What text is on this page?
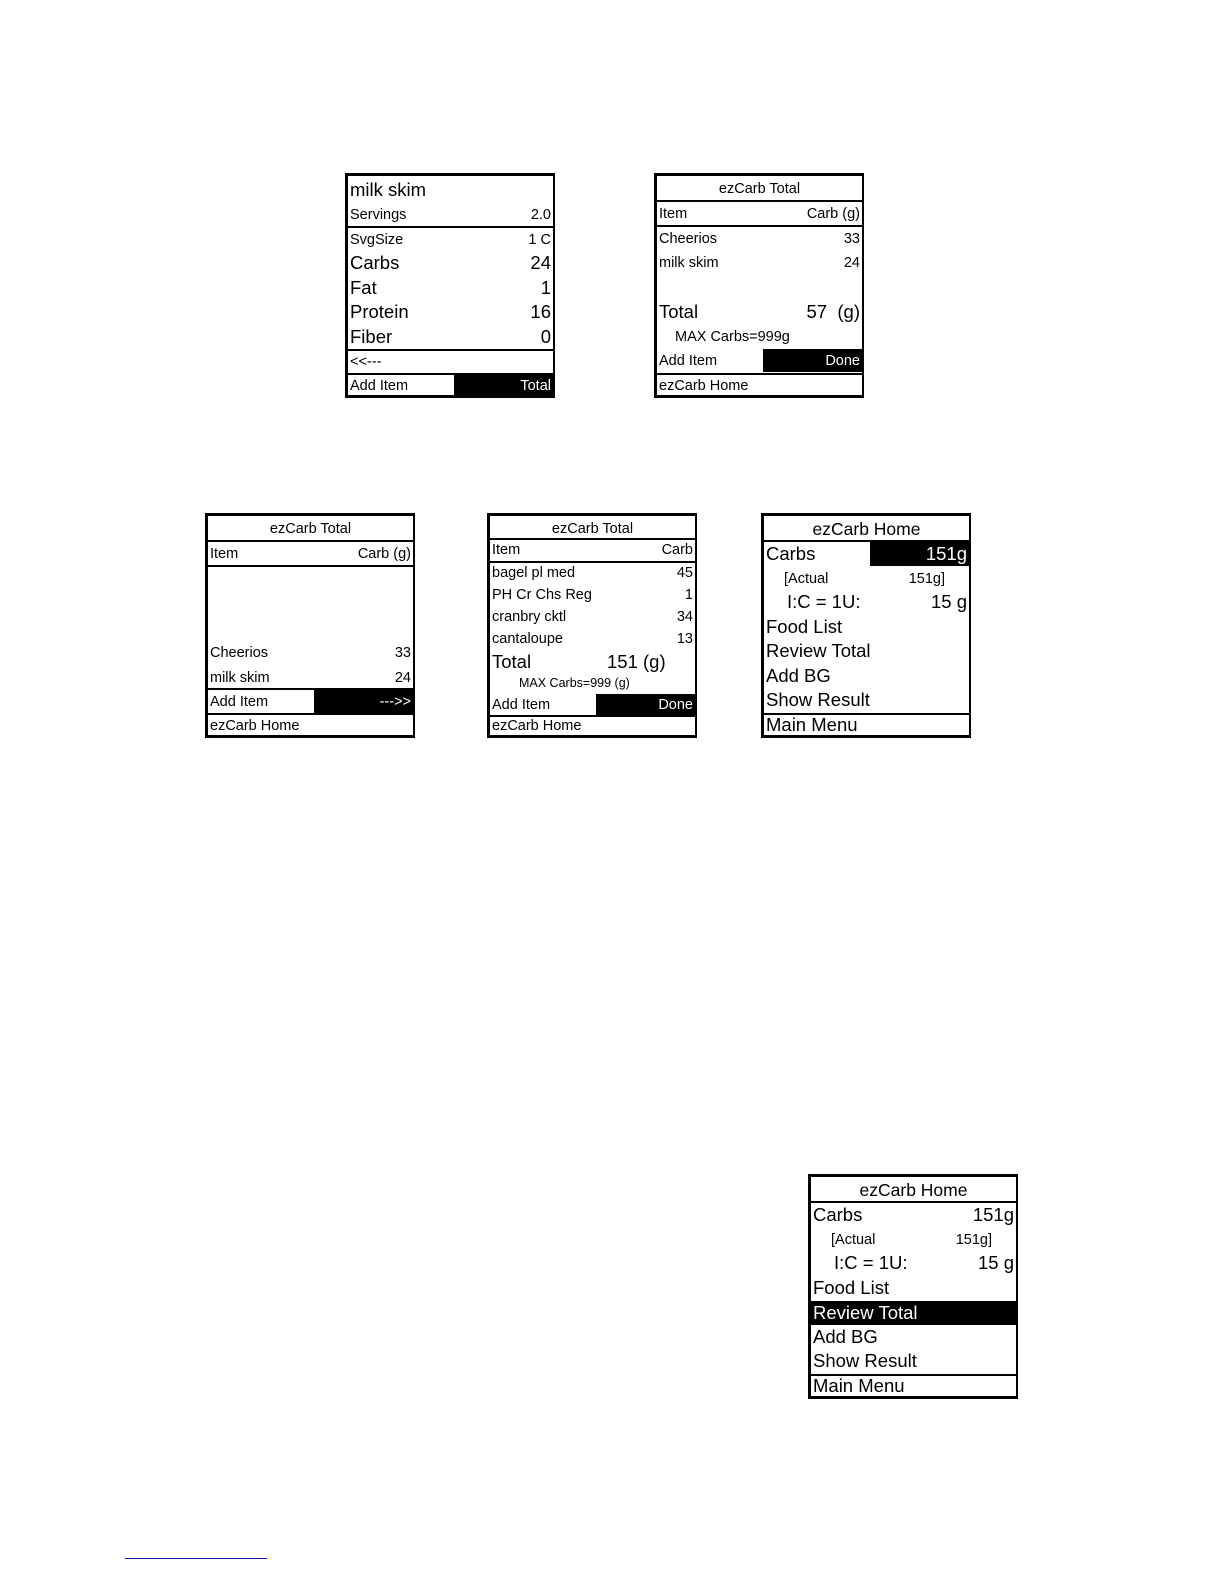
milk skim
Servings	2.0
SvgSize	1 C
Carbs	24
Fat	1
Protein	16
Fiber	0
<<---
Add Item	Total
ezCarb Total
Item	Carb (g)
Cheerios	33
milk skim	24
Total	57 (g)
MAX Carbs=999g
Add Item	Done
ezCarb Home
ezCarb Total
Item	Carb (g)
Cheerios	33
milk skim	24
Add Item	--->>
ezCarb Home
ezCarb Total
Item	Carb
bagel pl med	45
PH Cr Chs Reg	1
cranbry cktl	34
cantaloupe	13
Total	151 (g)
MAX Carbs=999 (g)
Add Item	Done
ezCarb Home
ezCarb Home
Carbs	151g
[Actual	151g]
I:C = 1U:	15 g
Food List
Review Total
Add BG
Show Result
Main Menu
ezCarb Home
Carbs	151g
[Actual	151g]
I:C = 1U:	15 g
Food List
Review Total
Add BG
Show Result
Main Menu
